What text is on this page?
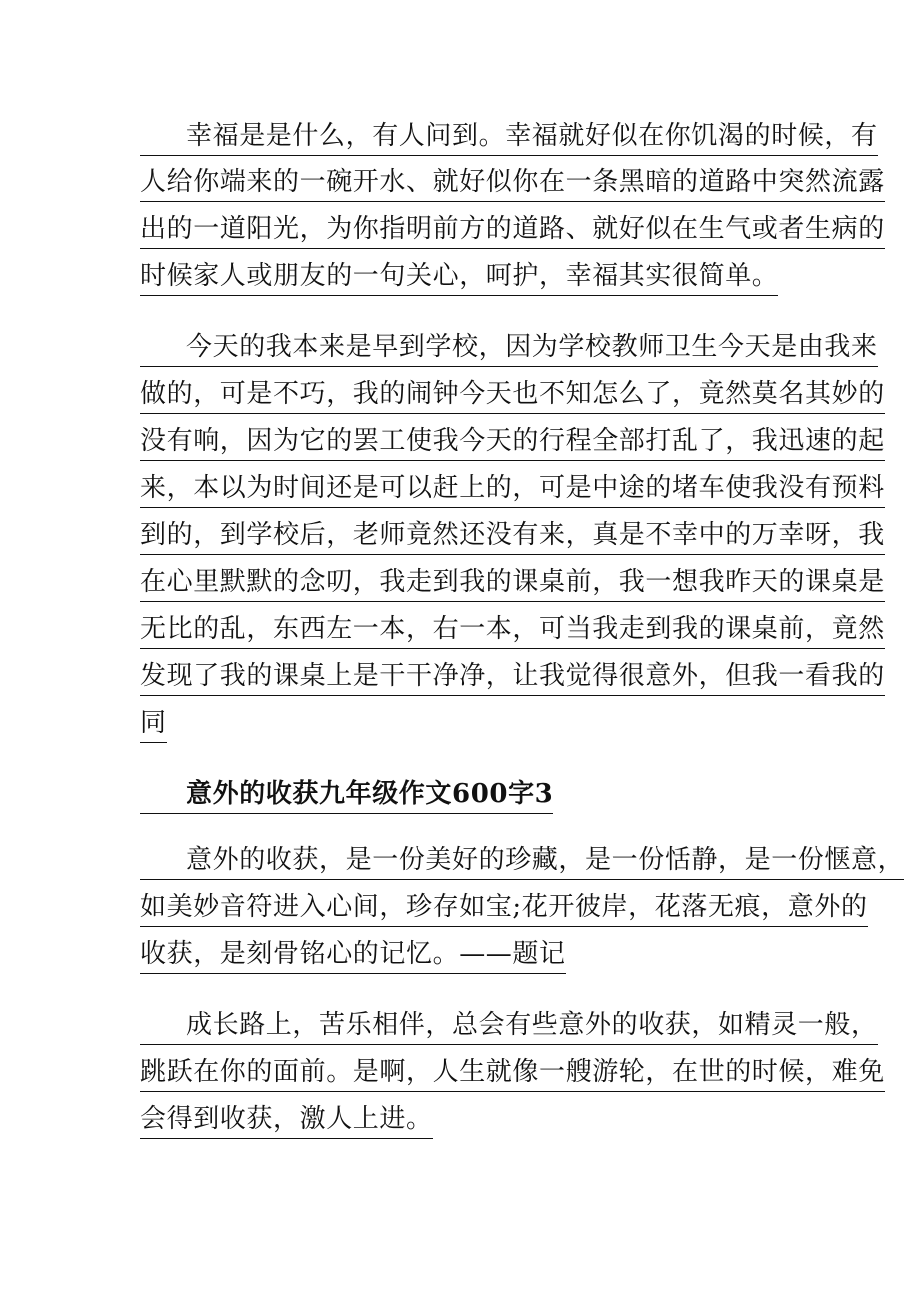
幸福是是什么，有人问到。幸福就好似在你饥渴的时候，有
人给你端来的一碗开水、就好似你在一条黑暗的道路中突然流露
出的一道阳光，为你指明前方的道路、就好似在生气或者生病的
时候家人或朋友的一句关心，呵护，幸福其实很简单。
今天的我本来是早到学校，因为学校教师卫生今天是由我来
做的，可是不巧，我的闹钟今天也不知怎么了，竟然莫名其妙的
没有响，因为它的罢工使我今天的行程全部打乱了，我迅速的起
来，本以为时间还是可以赶上的，可是中途的堵车使我没有预料
到的，到学校后，老师竟然还没有来，真是不幸中的万幸呀，我
在心里默默的念叨，我走到我的课桌前，我一想我昨天的课桌是
无比的乱，东西左一本，右一本，可当我走到我的课桌前，竟然
发现了我的课桌上是干干净净，让我觉得很意外，但我一看我的
同
意外的收获九年级作文600字3
意外的收获，是一份美好的珍藏，是一份恬静，是一份惬意，
如美妙音符进入心间，珍存如宝;花开彼岸，花落无痕，意外的
收获，是刻骨铭心的记忆。——题记
成长路上，苦乐相伴，总会有些意外的收获，如精灵一般，
跳跃在你的面前。是啊，人生就像一艘游轮，在世的时候，难免
会得到收获，激人上进。
